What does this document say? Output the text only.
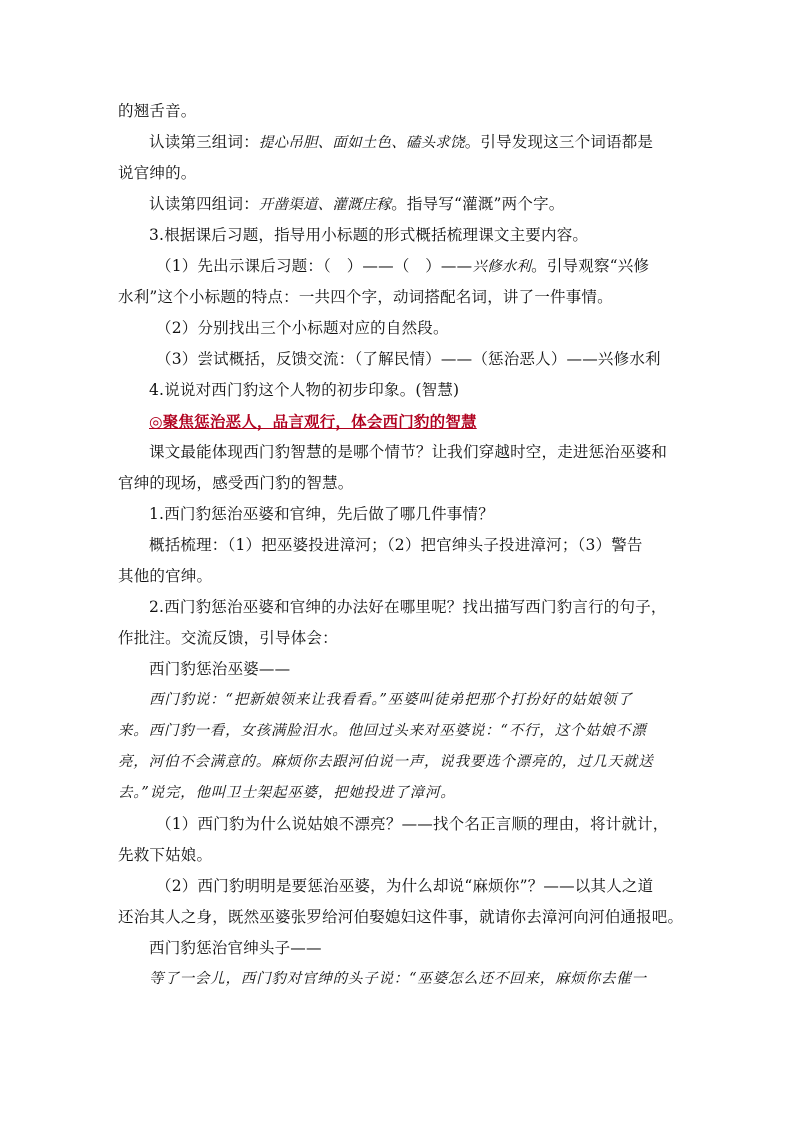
的翘舌音。
认读第三组词：提心吊胆、面如土色、磕头求饶。引导发现这三个词语都是
说官绅的。
认读第四组词：开凿渠道、灌溉庄稼。指导写“灌溉”两个字。
3.根据课后习题，指导用小标题的形式概括梳理课文主要内容。
（1）先出示课后习题：（　）——（　）——兴修水利。引导观察“兴修
水利”这个小标题的特点：一共四个字，动词搭配名词，讲了一件事情。
（2）分别找出三个小标题对应的自然段。
（3）尝试概括，反馈交流：（了解民情）——（惩治恶人）——兴修水利
4.说说对西门豹这个人物的初步印象。(智慧)
◎聚焦惩治恶人，品言观行，体会西门豹的智慧
课文最能体现西门豹智慧的是哪个情节？让我们穿越时空，走进惩治巫婆和
官绅的现场，感受西门豹的智慧。
1.西门豹惩治巫婆和官绅，先后做了哪几件事情？
概括梳理：（1）把巫婆投进漳河；（2）把官绅头子投进漳河；（3）警告
其他的官绅。
2.西门豹惩治巫婆和官绅的办法好在哪里呢？找出描写西门豹言行的句子，
作批注。交流反馈，引导体会：
西门豹惩治巫婆——
西门豹说：“把新娘领来让我看看。”巫婆叫徒弟把那个打扮好的姑娘领了
来。西门豹一看，女孩满脸泪水。他回过头来对巫婆说：“不行，这个姑娘不漂
亮，河伯不会满意的。麻烦你去跟河伯说一声，说我要选个漂亮的，过几天就送
去。”说完，他叫卫士架起巫婆，把她投进了漳河。
（1）西门豹为什么说姑娘不漂亮？——找个名正言顺的理由，将计就计，
先救下姑娘。
（2）西门豹明明是要惩治巫婆，为什么却说“麻烦你”？——以其人之道
还治其人之身，既然巫婆张罗给河伯娶媳妇这件事，就请你去漳河向河伯通报吧。
西门豹惩治官绅头子——
等了一会儿，西门豹对官绅的头子说：“巫婆怎么还不回来，麻烦你去催一
